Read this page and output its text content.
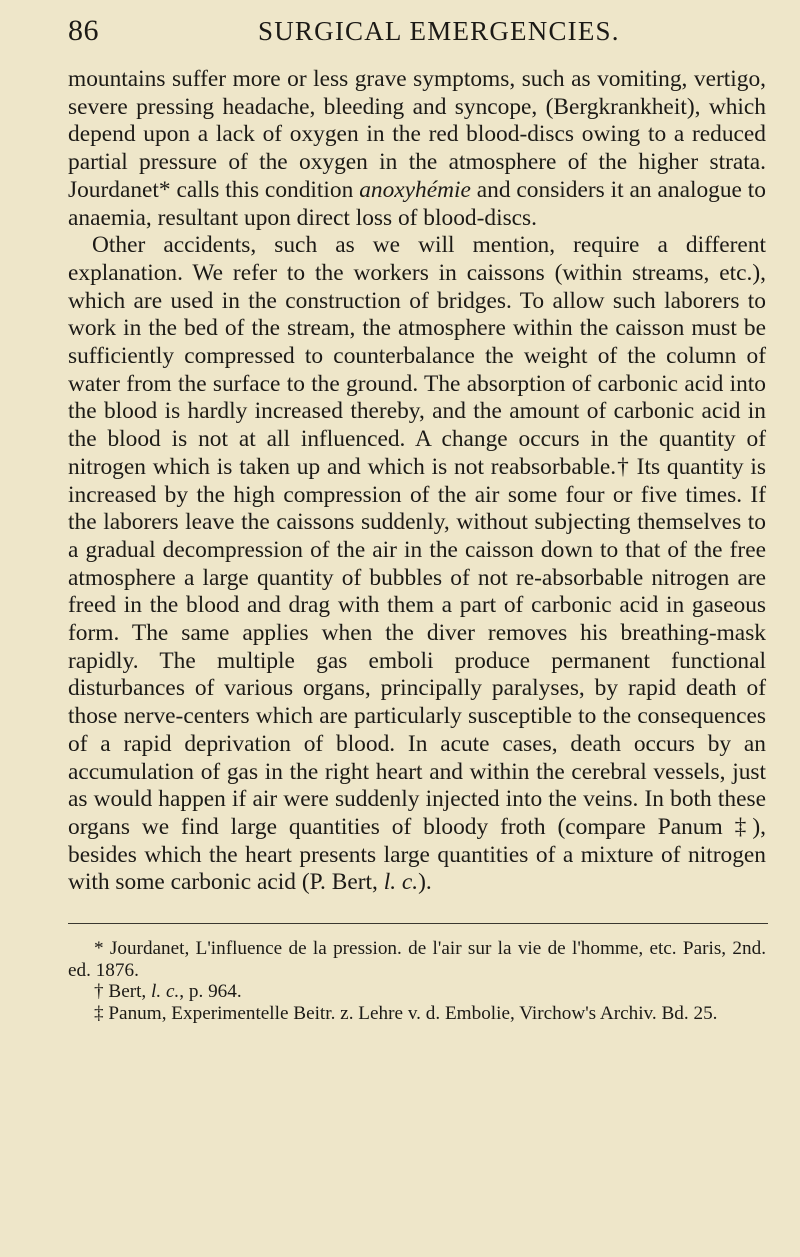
86	SURGICAL EMERGENCIES.

mountains suffer more or less grave symptoms, such as vomiting, vertigo, severe pressing headache, bleeding and syncope, (Bergkrankheit), which depend upon a lack of oxygen in the red blood-discs owing to a reduced partial pressure of the oxygen in the atmosphere of the higher strata. Jourdanet* calls this condition anoxyhémie and considers it an analogue to anaemia, resultant upon direct loss of blood-discs.

Other accidents, such as we will mention, require a different explanation. We refer to the workers in caissons (within streams, etc.), which are used in the construction of bridges. To allow such laborers to work in the bed of the stream, the atmosphere within the caisson must be sufficiently compressed to counterbalance the weight of the column of water from the surface to the ground. The absorption of carbonic acid into the blood is hardly increased thereby, and the amount of carbonic acid in the blood is not at all influenced. A change occurs in the quantity of nitrogen which is taken up and which is not reabsorbable.† Its quantity is increased by the high compression of the air some four or five times. If the laborers leave the caissons suddenly, without subjecting themselves to a gradual decompression of the air in the caisson down to that of the free atmosphere a large quantity of bubbles of not re-absorbable nitrogen are freed in the blood and drag with them a part of carbonic acid in gaseous form. The same applies when the diver removes his breathing-mask rapidly. The multiple gas emboli produce permanent functional disturbances of various organs, principally paralyses, by rapid death of those nerve-centers which are particularly susceptible to the consequences of a rapid deprivation of blood. In acute cases, death occurs by an accumulation of gas in the right heart and within the cerebral vessels, just as would happen if air were suddenly injected into the veins. In both these organs we find large quantities of bloody froth (compare Panum ‡), besides which the heart presents large quantities of a mixture of nitrogen with some carbonic acid (P. Bert, l. c.).

* Jourdanet, L'influence de la pression. de l'air sur la vie de l'homme, etc. Paris, 2nd. ed. 1876.

† Bert, l. c., p. 964.

‡ Panum, Experimentelle Beitr. z. Lehre v. d. Embolie, Virchow's Archiv. Bd. 25.
